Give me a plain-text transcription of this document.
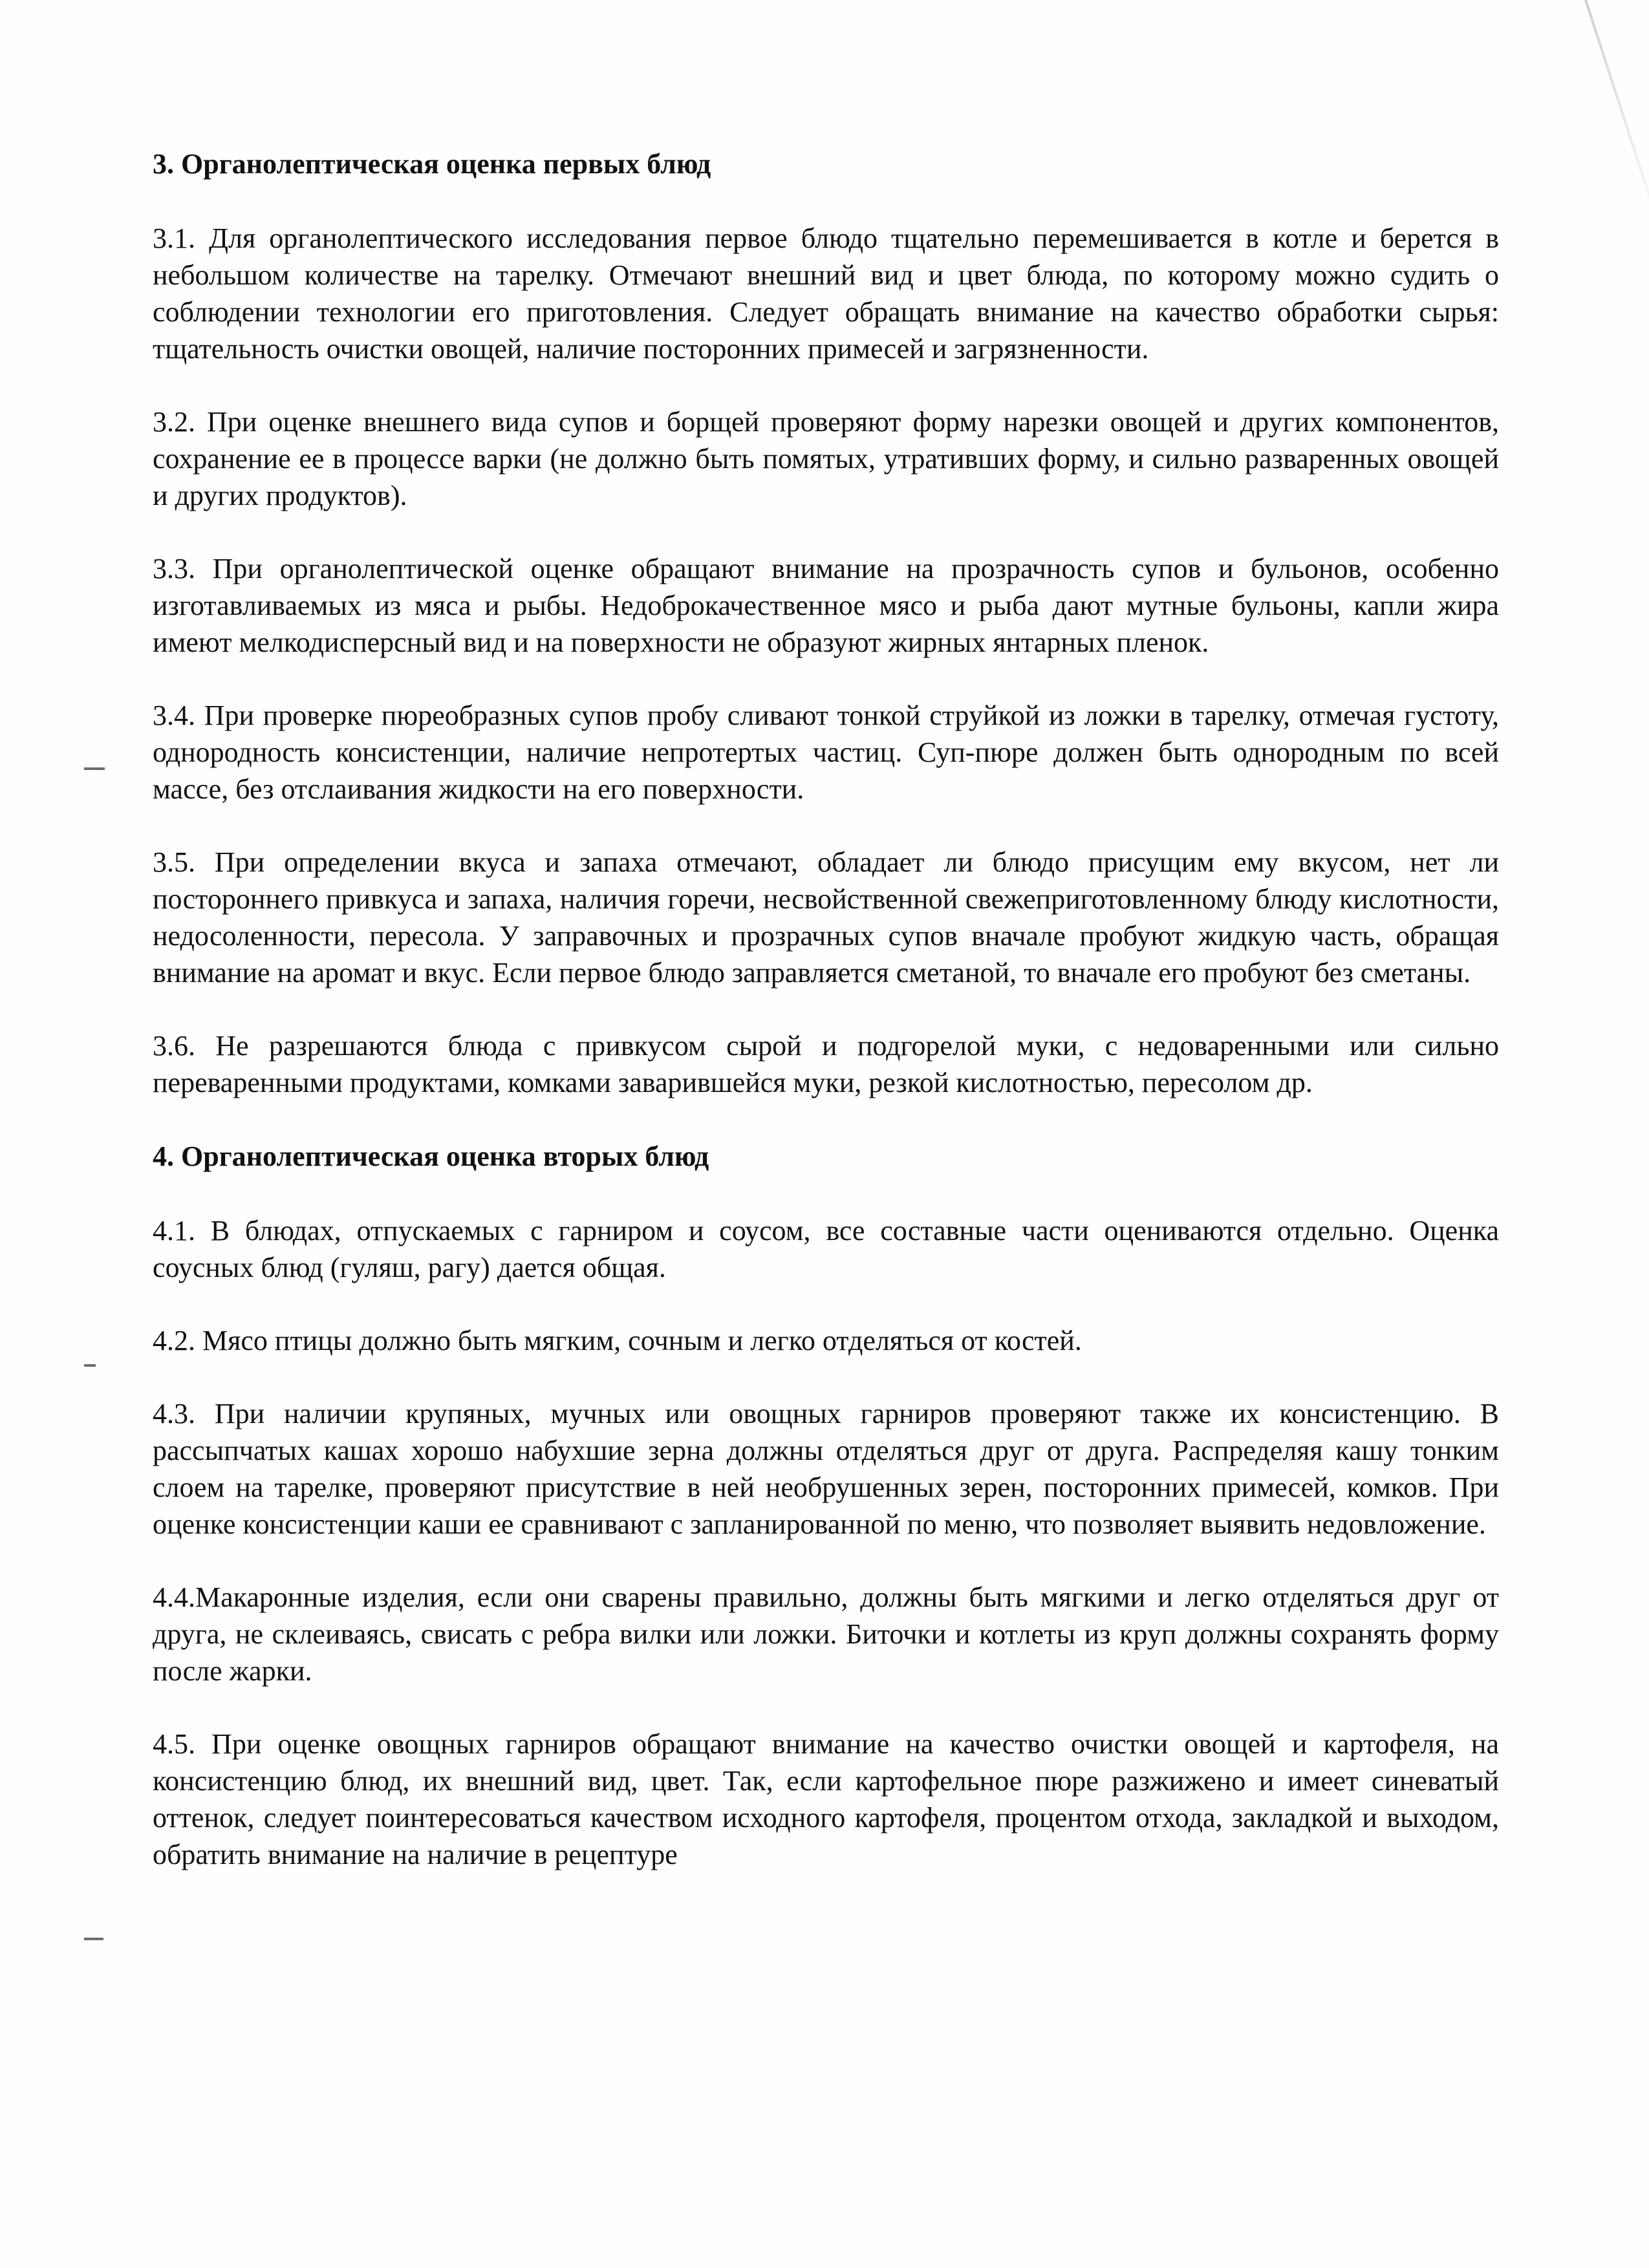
3. Органолептическая оценка первых блюд

3.1. Для органолептического исследования первое блюдо тщательно перемешивается в котле и берется в небольшом количестве на тарелку. Отмечают внешний вид и цвет блюда, по которому можно судить о соблюдении технологии его приготовления. Следует обращать внимание на качество обработки сырья: тщательность очистки овощей, наличие посторонних примесей и загрязненности.

3.2. При оценке внешнего вида супов и борщей проверяют форму нарезки овощей и других компонентов, сохранение ее в процессе варки (не должно быть помятых, утративших форму, и сильно разваренных овощей и других продуктов).

3.3. При органолептической оценке обращают внимание на прозрачность супов и бульонов, особенно изготавливаемых из мяса и рыбы. Недоброкачественное мясо и рыба дают мутные бульоны, капли жира имеют мелкодисперсный вид и на поверхности не образуют жирных янтарных пленок.

3.4. При проверке пюреобразных супов пробу сливают тонкой струйкой из ложки в тарелку, отмечая густоту, однородность консистенции, наличие непротертых частиц. Суп-пюре должен быть однородным по всей массе, без отслаивания жидкости на его поверхности.

3.5. При определении вкуса и запаха отмечают, обладает ли блюдо присущим ему вкусом, нет ли постороннего привкуса и запаха, наличия горечи, несвойственной свежеприготовленному блюду кислотности, недосоленности, пересола. У заправочных и прозрачных супов вначале пробуют жидкую часть, обращая внимание на аромат и вкус. Если первое блюдо заправляется сметаной, то вначале его пробуют без сметаны.

3.6. Не разрешаются блюда с привкусом сырой и подгорелой муки, с недоваренными или сильно переваренными продуктами, комками заварившейся муки, резкой кислотностью, пересолом др.

4. Органолептическая оценка вторых блюд

4.1. В блюдах, отпускаемых с гарниром и соусом, все составные части оцениваются отдельно. Оценка соусных блюд (гуляш, рагу) дается общая.

4.2. Мясо птицы должно быть мягким, сочным и легко отделяться от костей.

4.3. При наличии крупяных, мучных или овощных гарниров проверяют также их консистенцию. В рассыпчатых кашах хорошо набухшие зерна должны отделяться друг от друга. Распределяя кашу тонким слоем на тарелке, проверяют присутствие в ней необрушенных зерен, посторонних примесей, комков. При оценке консистенции каши ее сравнивают с запланированной по меню, что позволяет выявить недовложение.

4.4.Макаронные изделия, если они сварены правильно, должны быть мягкими и легко отделяться друг от друга, не склеиваясь, свисать с ребра вилки или ложки. Биточки и котлеты из круп должны сохранять форму после жарки.

4.5. При оценке овощных гарниров обращают внимание на качество очистки овощей и картофеля, на консистенцию блюд, их внешний вид, цвет. Так, если картофельное пюре разжижено и имеет синеватый оттенок, следует поинтересоваться качеством исходного картофеля, процентом отхода, закладкой и выходом, обратить внимание на наличие в рецептуре
